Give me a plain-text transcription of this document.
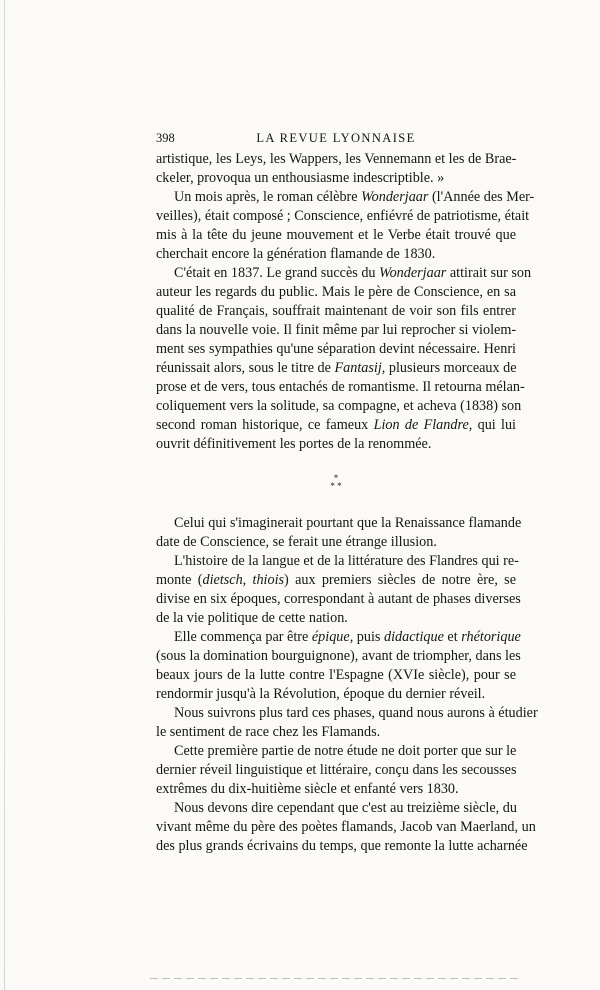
398	LA REVUE LYONNAISE

artistique, les Leys, les Wappers, les Vennemann et les de Brae-
ckeler, provoqua un enthousiasme indescriptible. »

Un mois après, le roman célèbre Wonderjaar (l'Année des Mer-
veilles), était composé ; Conscience, enfiévré de patriotisme, était
mis à la tête du jeune mouvement et le Verbe était trouvé que
cherchait encore la génération flamande de 1830.

C'était en 1837. Le grand succès du Wonderjaar attirait sur son
auteur les regards du public. Mais le père de Conscience, en sa
qualité de Français, souffrait maintenant de voir son fils entrer
dans la nouvelle voie. Il finit même par lui reprocher si violem-
ment ses sympathies qu'une séparation devint nécessaire. Henri
réunissait alors, sous le titre de Fantasij, plusieurs morceaux de
prose et de vers, tous entachés de romantisme. Il retourna mélan-
coliquement vers la solitude, sa compagne, et acheva (1838) son
second roman historique, ce fameux Lion de Flandre, qui lui
ouvrit définitivement les portes de la renommée.

*
* *

Celui qui s'imaginerait pourtant que la Renaissance flamande
date de Conscience, se ferait une étrange illusion.

L'histoire de la langue et de la littérature des Flandres qui re-
monte (dietsch, thiois) aux premiers siècles de notre ère, se
divise en six époques, correspondant à autant de phases diverses
de la vie politique de cette nation.

Elle commença par être épique, puis didactique et rhétorique
(sous la domination bourguignone), avant de triompher, dans les
beaux jours de la lutte contre l'Espagne (XVIe siècle), pour se
rendormir jusqu'à la Révolution, époque du dernier réveil.

Nous suivrons plus tard ces phases, quand nous aurons à étudier
le sentiment de race chez les Flamands.

Cette première partie de notre étude ne doit porter que sur le
dernier réveil linguistique et littéraire, conçu dans les secousses
extrêmes du dix-huitième siècle et enfanté vers 1830.

Nous devons dire cependant que c'est au treizième siècle, du
vivant même du père des poètes flamands, Jacob van Maerland, un
des plus grands écrivains du temps, que remonte la lutte acharnée
